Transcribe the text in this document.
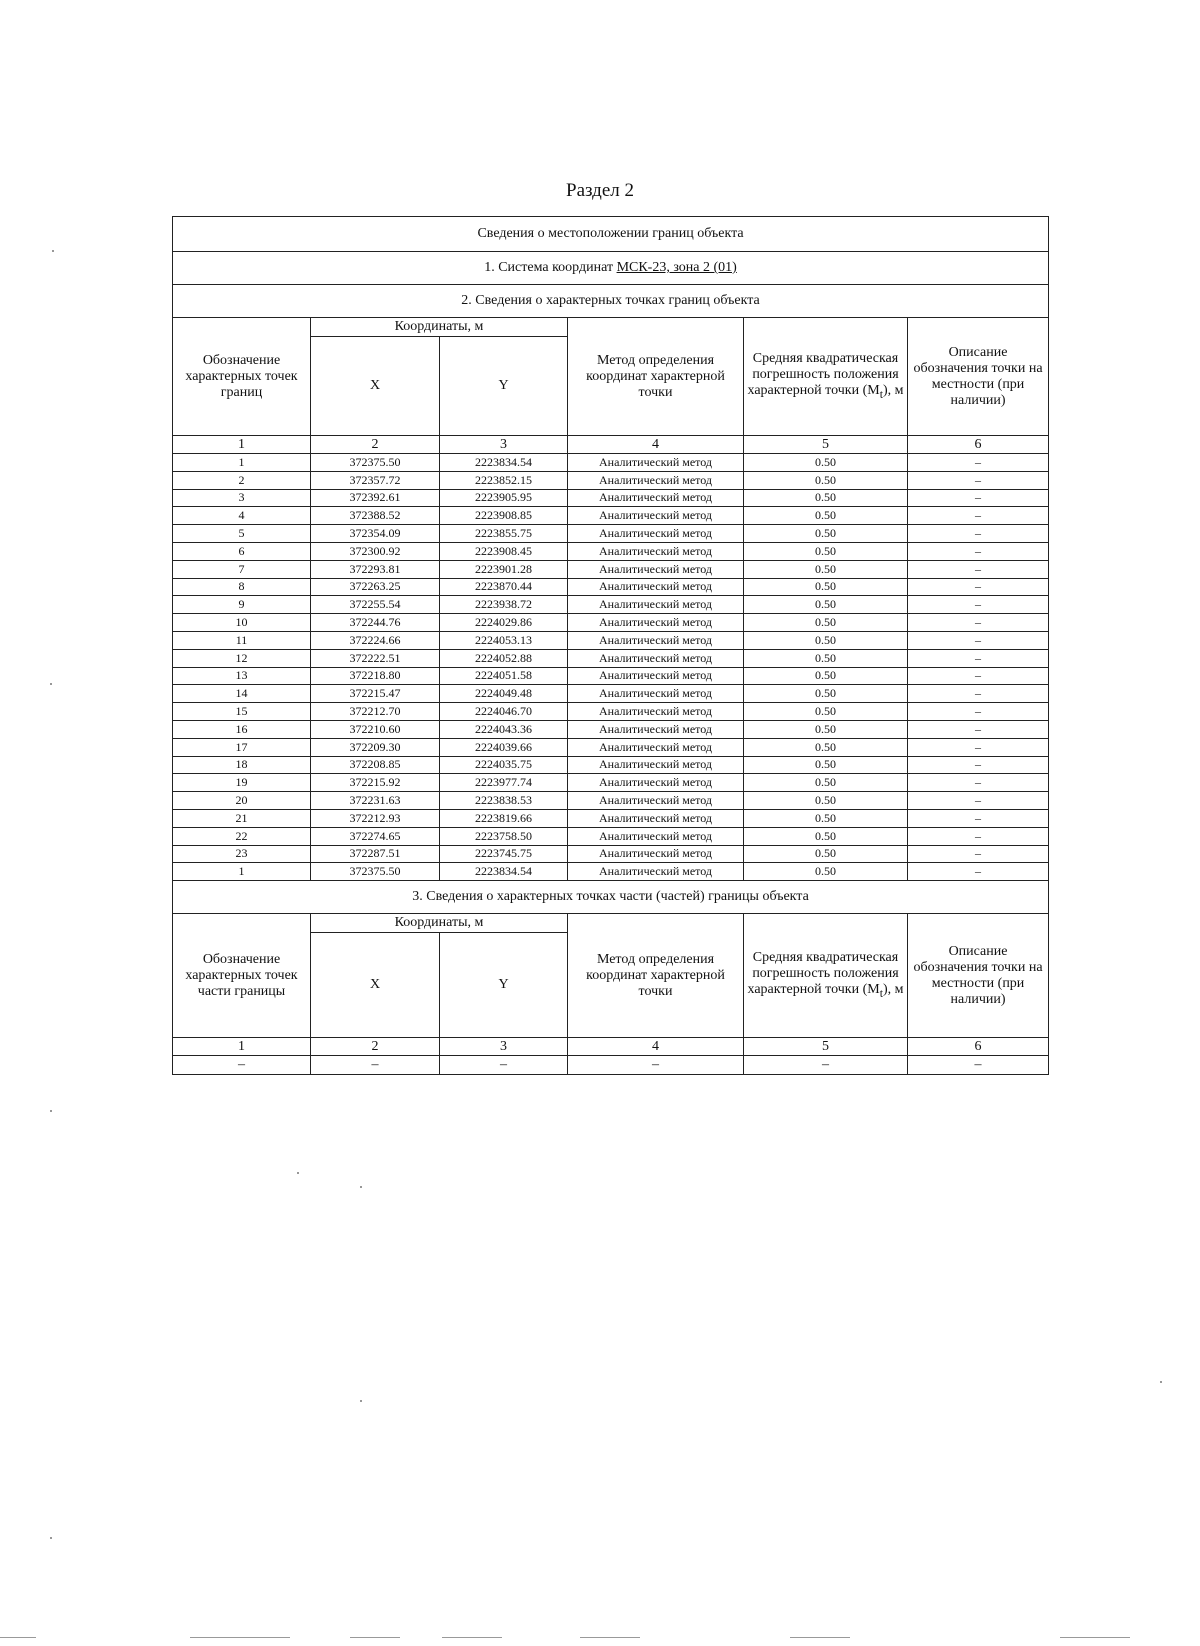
Раздел 2
Сведения о местоположении границ объекта					
1. Система координат МСК-23, зона 2 (01)					
2. Сведения о характерных точках границ объекта					
Обозначение характерных точек границ	Координаты, м		Метод определения координат характерной точки	Средняя квадратическая погрешность положения характерной точки $(M_t)$, м	Описание обозначения точки на местности (при наличии)
	X	Y			
1	2	3	4	5	6
1	372375.50	2223834.54	Аналитический метод	0.50	–
2	372357.72	2223852.15	Аналитический метод	0.50	–
3	372392.61	2223905.95	Аналитический метод	0.50	–
4	372388.52	2223908.85	Аналитический метод	0.50	–
5	372354.09	2223855.75	Аналитический метод	0.50	–
6	372300.92	2223908.45	Аналитический метод	0.50	–
7	372293.81	2223901.28	Аналитический метод	0.50	–
8	372263.25	2223870.44	Аналитический метод	0.50	–
9	372255.54	2223938.72	Аналитический метод	0.50	–
10	372244.76	2224029.86	Аналитический метод	0.50	–
11	372224.66	2224053.13	Аналитический метод	0.50	–
12	372222.51	2224052.88	Аналитический метод	0.50	–
13	372218.80	2224051.58	Аналитический метод	0.50	–
14	372215.47	2224049.48	Аналитический метод	0.50	–
15	372212.70	2224046.70	Аналитический метод	0.50	–
16	372210.60	2224043.36	Аналитический метод	0.50	–
17	372209.30	2224039.66	Аналитический метод	0.50	–
18	372208.85	2224035.75	Аналитический метод	0.50	–
19	372215.92	2223977.74	Аналитический метод	0.50	–
20	372231.63	2223838.53	Аналитический метод	0.50	–
21	372212.93	2223819.66	Аналитический метод	0.50	–
22	372274.65	2223758.50	Аналитический метод	0.50	–
23	372287.51	2223745.75	Аналитический метод	0.50	–
1	372375.50	2223834.54	Аналитический метод	0.50	–
3. Сведения о характерных точках части (частей) границы объекта					
Обозначение характерных точек части границы	Координаты, м		Метод определения координат характерной точки	Средняя квадратическая погрешность положения характерной точки $(M_t)$, м	Описание обозначения точки на местности (при наличии)
	X	Y			
1	2	3	4	5	6
–	–	–	–	–	–
